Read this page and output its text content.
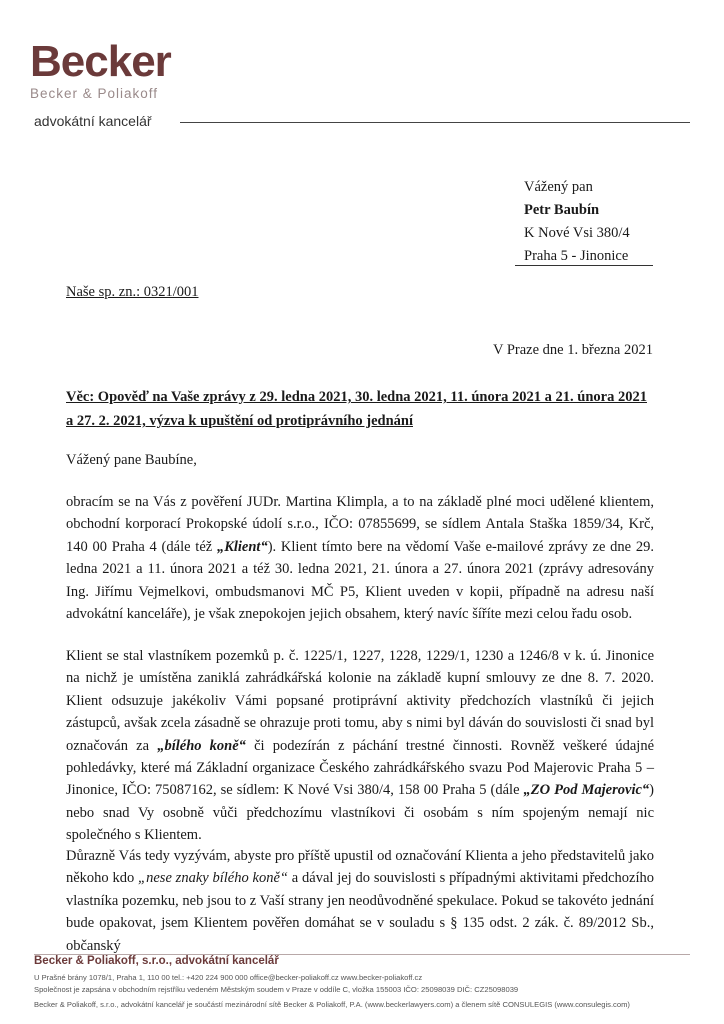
Becker
Becker & Poliakoff
advokátní kancelář
Vážený pan
Petr Baubín
K Nové Vsi 380/4
Praha 5 - Jinonice
Naše sp. zn.: 0321/001
V Praze dne 1. března 2021
Věc: Opověď na Vaše zprávy z 29. ledna 2021, 30. ledna 2021, 11. února 2021 a 21. února 2021 a 27. 2. 2021, výzva k upuštění od protiprávního jednání
Vážený pane Baubíne,
obracím se na Vás z pověření JUDr. Martina Klimpla, a to na základě plné moci udělené klientem, obchodní korporací Prokopské údolí s.r.o., IČO: 07855699, se sídlem Antala Staška 1859/34, Krč, 140 00 Praha 4 (dále též „Klient“). Klient tímto bere na vědomí Vaše e-mailové zprávy ze dne 29. ledna 2021 a 11. února 2021 a též 30. ledna 2021, 21. února a 27. února 2021 (zprávy adresovány Ing. Jiřímu Vejmelkovi, ombudsmanovi MČ P5, Klient uveden v kopii, případně na adresu naší advokátní kanceláře), je však znepokojen jejich obsahem, který navíc šíříte mezi celou řadu osob.
Klient se stal vlastníkem pozemků p. č. 1225/1, 1227, 1228, 1229/1, 1230 a 1246/8 v k. ú. Jinonice na nichž je umístěna zaniklá zahrádkářská kolonie na základě kupní smlouvy ze dne 8. 7. 2020. Klient odsuzuje jakékoliv Vámi popsané protiprávní aktivity předchozích vlastníků či jejich zástupců, avšak zcela zásadně se ohrazuje proti tomu, aby s nimi byl dáván do souvislosti či snad byl označován za „bílého koně“ či podezírán z páchání trestné činnosti. Rovněž veškeré údajné pohledávky, které má Základní organizace Českého zahrádkářského svazu Pod Majerovic Praha 5 – Jinonice, IČO: 75087162, se sídlem: K Nové Vsi 380/4, 158 00 Praha 5 (dále „ZO Pod Majerovic“) nebo snad Vy osobně vůči předchozímu vlastníkovi či osobám s ním spojeným nemají nic společného s Klientem.
Důrazně Vás tedy vyzývám, abyste pro příště upustil od označování Klienta a jeho představitelů jako někoho kdo „nese znaky bílého koně“ a dával jej do souvislosti s případnými aktivitami předchozího vlastníka pozemku, neb jsou to z Vaší strany jen neodůvodněné spekulace. Pokud se takovéto jednání bude opakovat, jsem Klientem pověřen domáhat se v souladu s § 135 odst. 2 zák. č. 89/2012 Sb., občanský
Becker & Poliakoff, s.r.o., advokátní kancelář
U Prašné brány 1078/1, Praha 1, 110 00 tel.: +420 224 900 000 office@becker-poliakoff.cz www.becker-poliakoff.cz
Společnost je zapsána v obchodním rejstříku vedeném Městským soudem v Praze v oddíle C, vložka 155003 IČO: 25098039 DIČ: CZ25098039
Becker & Poliakoff, s.r.o., advokátní kancelář je součástí mezinárodní sítě Becker & Poliakoff, P.A. (www.beckerlawyers.com) a členem sítě CONSULEGIS (www.consulegis.com)
